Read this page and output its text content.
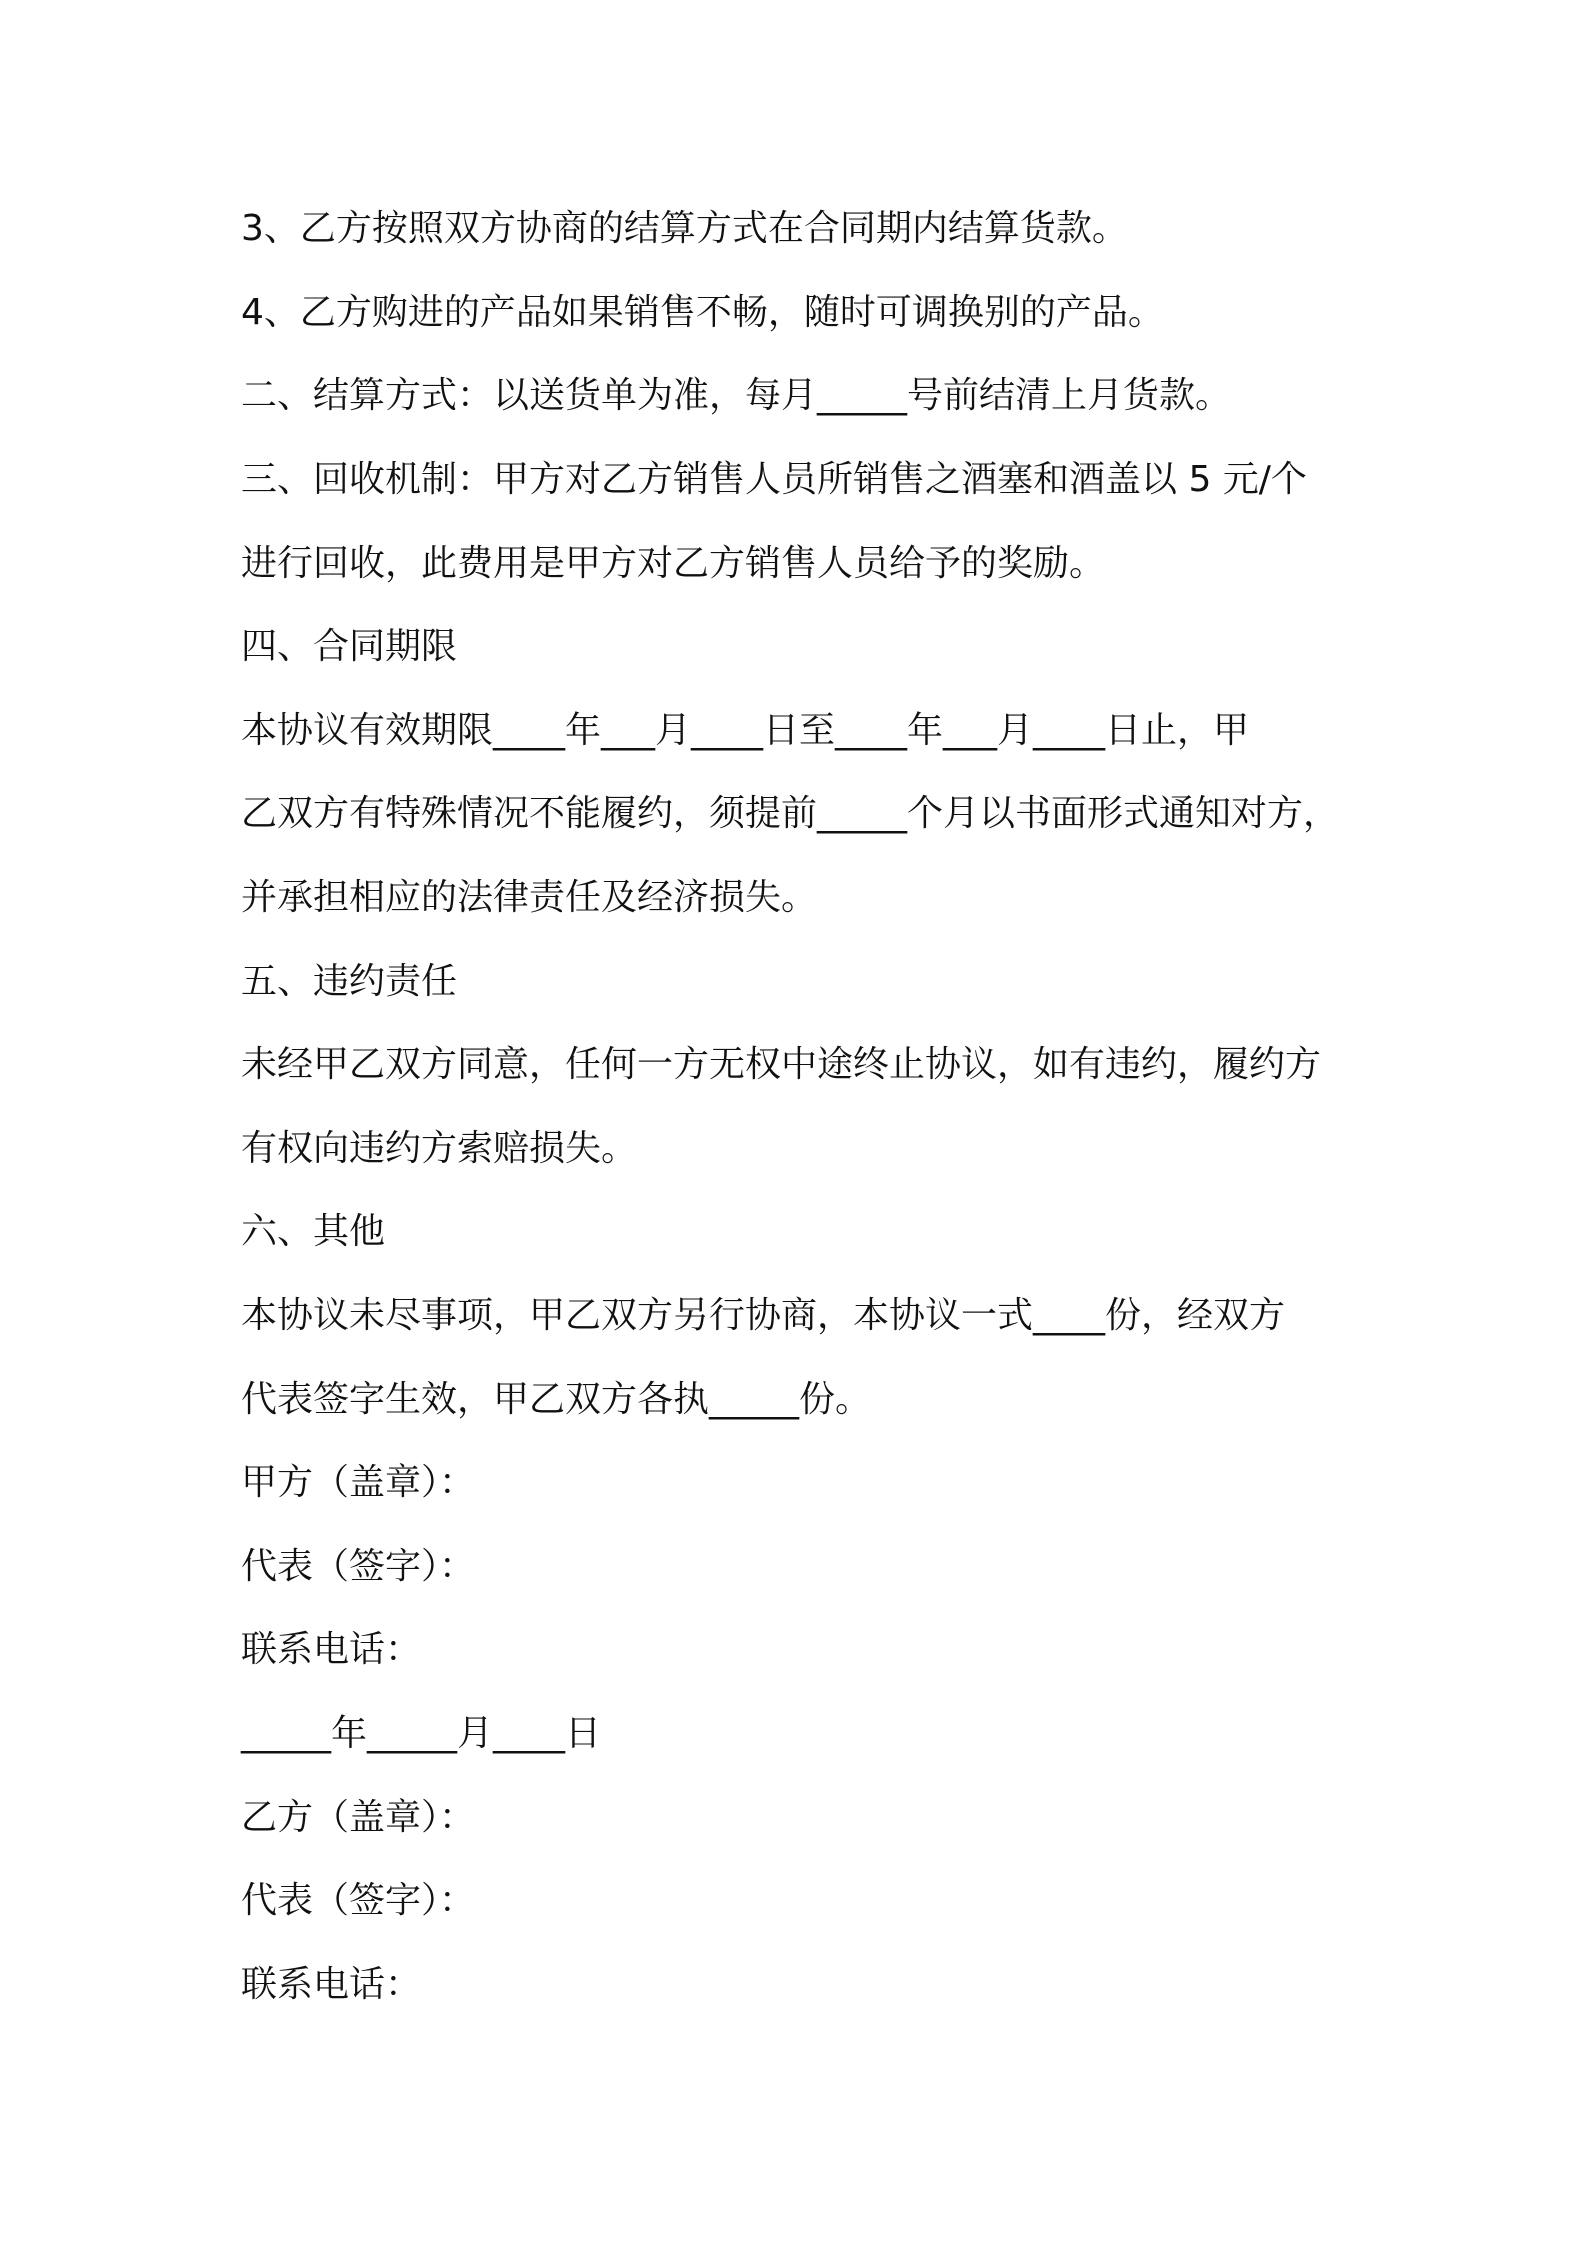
3、乙方按照双方协商的结算方式在合同期内结算货款。
4、乙方购进的产品如果销售不畅，随时可调换别的产品。
二、结算方式：以送货单为准，每月_____号前结清上月货款。
三、回收机制：甲方对乙方销售人员所销售之酒塞和酒盖以 5 元/个
进行回收，此费用是甲方对乙方销售人员给予的奖励。
四、合同期限
本协议有效期限____年___月____日至____年___月____日止，甲
乙双方有特殊情况不能履约，须提前_____个月以书面形式通知对方，
并承担相应的法律责任及经济损失。
五、违约责任
未经甲乙双方同意，任何一方无权中途终止协议，如有违约，履约方
有权向违约方索赔损失。
六、其他
本协议未尽事项，甲乙双方另行协商，本协议一式____份，经双方
代表签字生效，甲乙双方各执_____份。
甲方（盖章）：
代表（签字）：
联系电话：
_____年_____月____日
乙方（盖章）：
代表（签字）：
联系电话：
